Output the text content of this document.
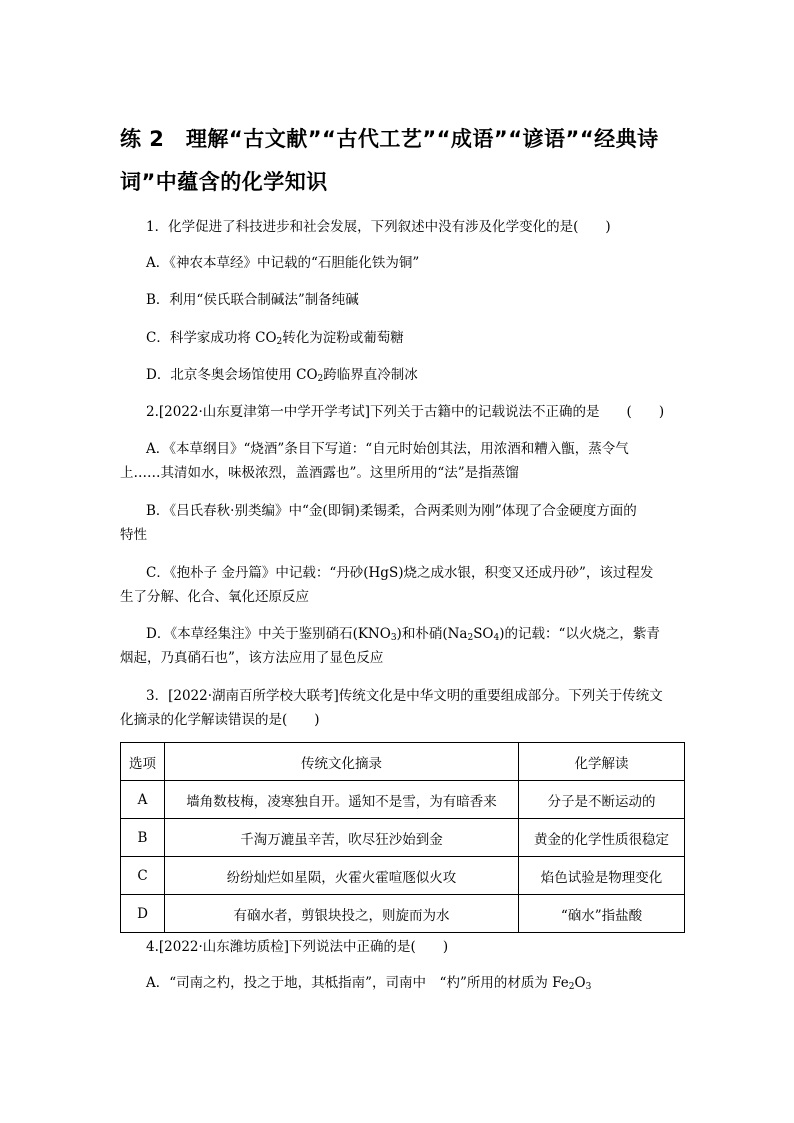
练 2　理解“古文献”“古代工艺”“成语”“谚语”“经典诗词”中蕴含的化学知识
1．化学促进了科技进步和社会发展，下列叙述中没有涉及化学变化的是(　　)
A．《神农本草经》中记载的“石胆能化铁为铜”
B．利用“侯氏联合制碱法”制备纯碱
C．科学家成功将 $CO_2$转化为淀粉或葡萄糖
D．北京冬奥会场馆使用 $CO_2$跨临界直冷制冰
2.[2022·山东夏津第一中学开学考试]下列关于古籍中的记载说法不正确的是　　(　　)
A．《本草纲目》“烧酒”条目下写道：“自元时始创其法，用浓酒和糟入甑，蒸令气
上……其清如水，味极浓烈，盖酒露也”。这里所用的“法”是指蒸馏
B．《吕氏春秋·别类编》中“金(即铜)柔锡柔，合两柔则为刚”体现了合金硬度方面的
特性
C．《抱朴子 金丹篇》中记载：“丹砂(HgS)烧之成水银，积变又还成丹砂”，该过程发
生了分解、化合、氧化还原反应
D．《本草经集注》中关于鉴别硝石$(KNO_3)$和朴硝$(Na_2SO_4)$的记载：“以火烧之，紫青
烟起，乃真硝石也”，该方法应用了显色反应
3．[2022·湖南百所学校大联考]传统文化是中华文明的重要组成部分。下列关于传统文
化摘录的化学解读错误的是(　　)
选项	传统文化摘录	化学解读
A	墙角数枝梅，凌寒独自开。遥知不是雪，为有暗香来	分子是不断运动的
B	千淘万漉虽辛苦，吹尽狂沙始到金	黄金的化学性质很稳定
C	纷纷灿烂如星陨，火霍火霍喧豗似火攻	焰色试验是物理变化
D	有硇水者，剪银块投之，则旋而为水	“硇水”指盐酸
4.[2022·山东潍坊质检]下列说法中正确的是(　　)
A．“司南之杓，投之于地，其柢指南”，司南中　“杓”所用的材质为 $Fe_2O_3$
